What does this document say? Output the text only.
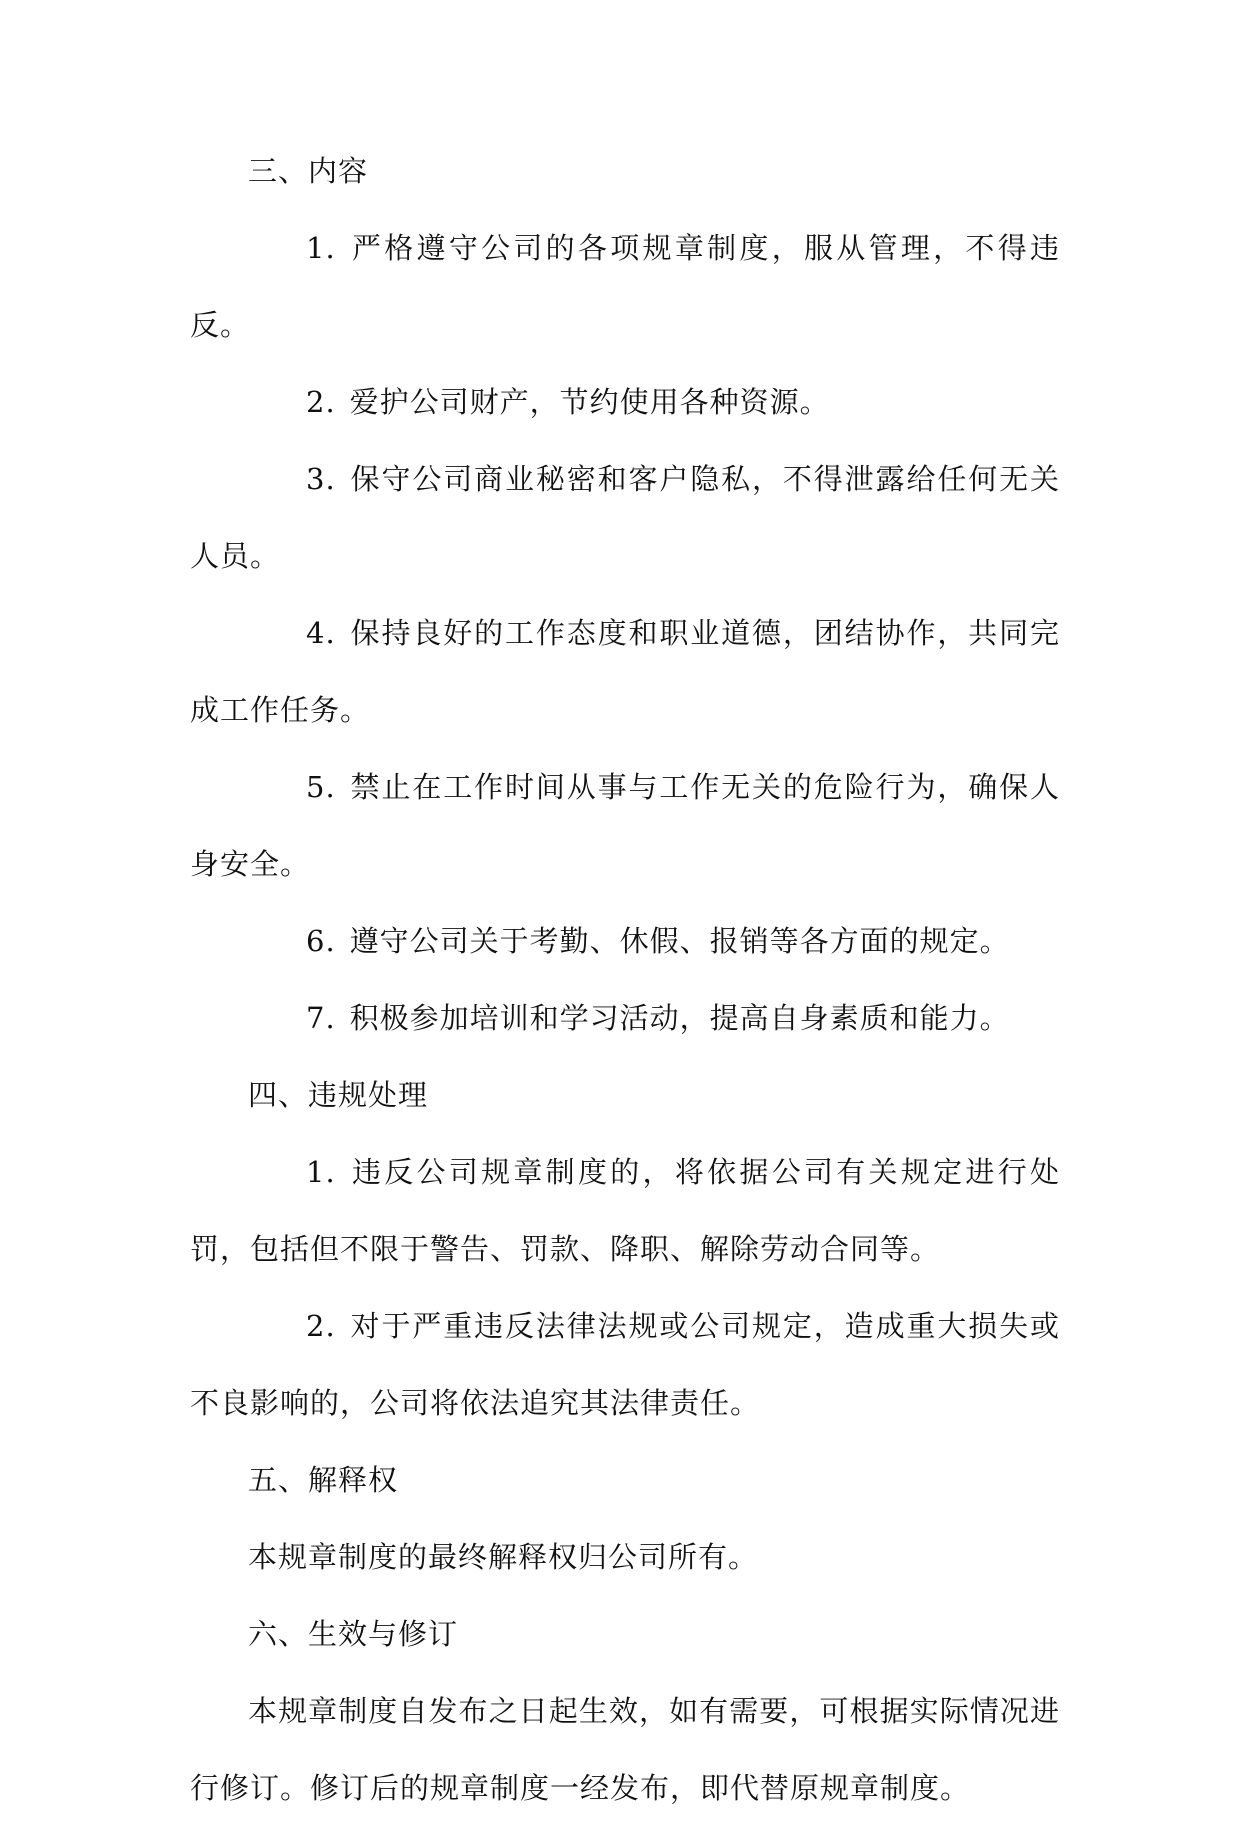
三、内容

1. 严格遵守公司的各项规章制度，服从管理，不得违反。

2. 爱护公司财产，节约使用各种资源。

3. 保守公司商业秘密和客户隐私，不得泄露给任何无关人员。

4. 保持良好的工作态度和职业道德，团结协作，共同完成工作任务。

5. 禁止在工作时间从事与工作无关的危险行为，确保人身安全。

6. 遵守公司关于考勤、休假、报销等各方面的规定。

7. 积极参加培训和学习活动，提高自身素质和能力。

四、违规处理

1. 违反公司规章制度的，将依据公司有关规定进行处罚，包括但不限于警告、罚款、降职、解除劳动合同等。

2. 对于严重违反法律法规或公司规定，造成重大损失或不良影响的，公司将依法追究其法律责任。

五、解释权

本规章制度的最终解释权归公司所有。

六、生效与修订

本规章制度自发布之日起生效，如有需要，可根据实际情况进行修订。修订后的规章制度一经发布，即代替原规章制度。
